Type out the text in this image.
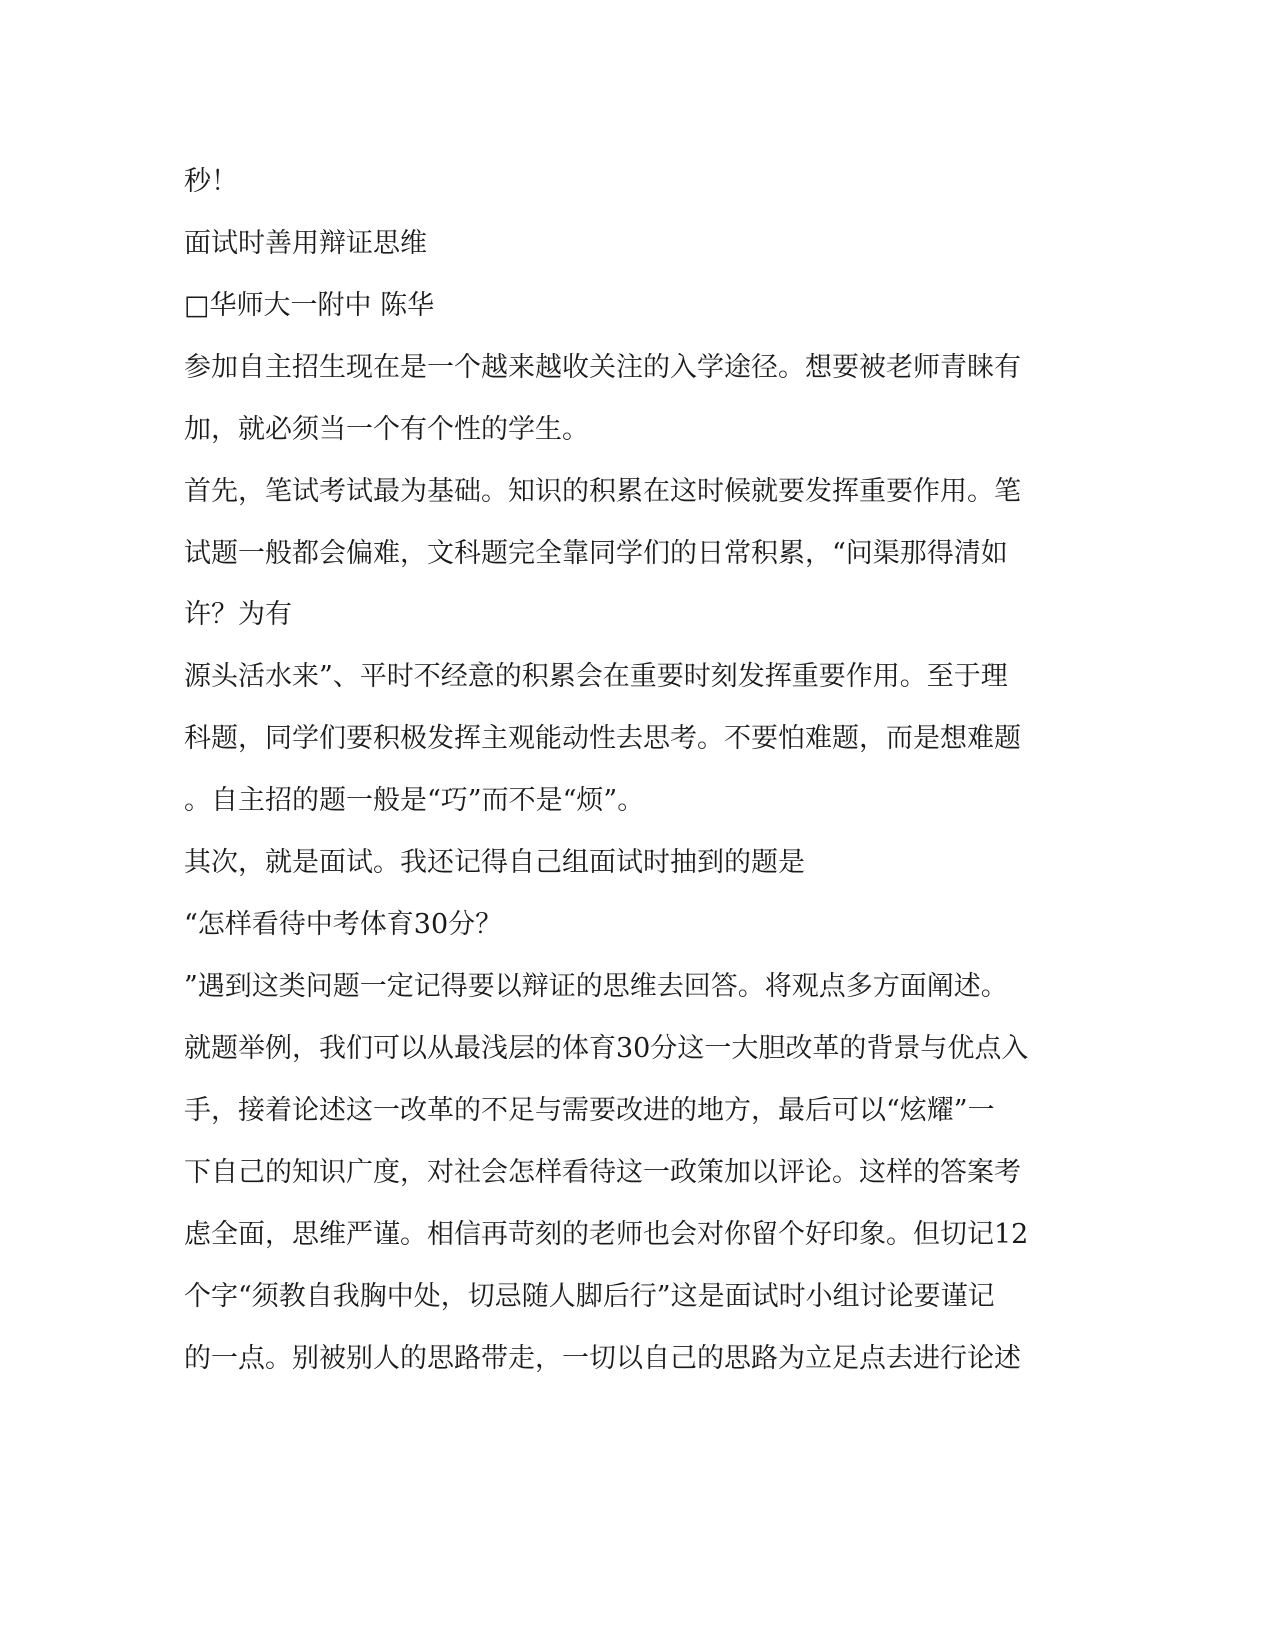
秒！

面试时善用辩证思维

□华师大一附中 陈华

参加自主招生现在是一个越来越收关注的入学途径。想要被老师青睐有

加，就必须当一个有个性的学生。

首先，笔试考试最为基础。知识的积累在这时候就要发挥重要作用。笔

试题一般都会偏难，文科题完全靠同学们的日常积累，“问渠那得清如

许？为有

源头活水来”、平时不经意的积累会在重要时刻发挥重要作用。至于理

科题，同学们要积极发挥主观能动性去思考。不要怕难题，而是想难题

。自主招的题一般是“巧”而不是“烦”。

其次，就是面试。我还记得自己组面试时抽到的题是

“怎样看待中考体育30分？

”遇到这类问题一定记得要以辩证的思维去回答。将观点多方面阐述。

就题举例，我们可以从最浅层的体育30分这一大胆改革的背景与优点入

手，接着论述这一改革的不足与需要改进的地方，最后可以“炫耀”一

下自己的知识广度，对社会怎样看待这一政策加以评论。这样的答案考

虑全面，思维严谨。相信再苛刻的老师也会对你留个好印象。但切记12

个字“须教自我胸中处，切忌随人脚后行”这是面试时小组讨论要谨记

的一点。别被别人的思路带走，一切以自己的思路为立足点去进行论述
